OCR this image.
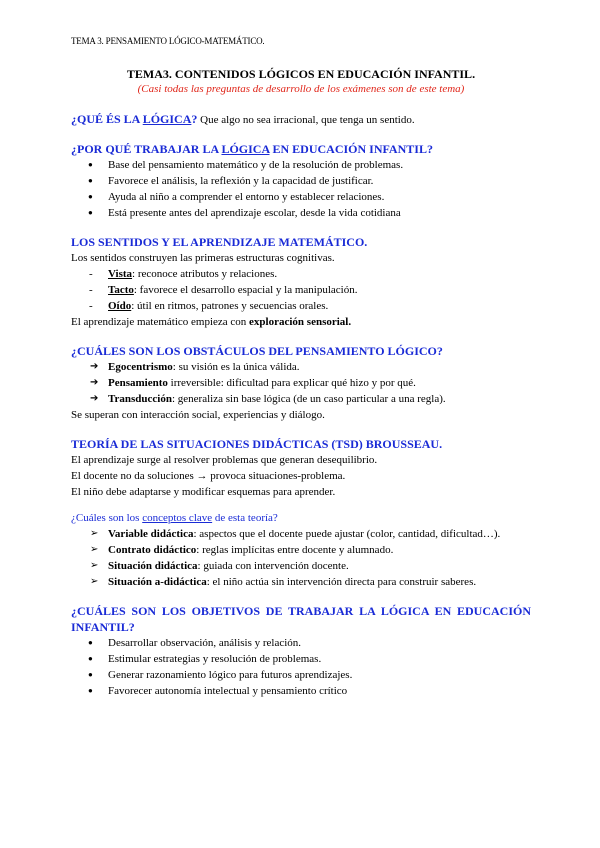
TEMA 3. PENSAMIENTO LÓGICO-MATEMÁTICO.

TEMA3. CONTENIDOS LÓGICOS EN EDUCACIÓN INFANTIL.

(Casi todas las preguntas de desarrollo de los exámenes son de este tema)
¿QUÉ ÉS LA LÓGICA? Que algo no sea irracional, que tenga un sentido.

¿POR QUÉ TRABAJAR LA LÓGICA EN EDUCACIÓN INFANTIL?

● Base del pensamiento matemático y de la resolución de problemas.
● Favorece el análisis, la reflexión y la capacidad de justificar.
● Ayuda al niño a comprender el entorno y establecer relaciones.
● Está presente antes del aprendizaje escolar, desde la vida cotidiana

LOS SENTIDOS Y EL APRENDIZAJE MATEMÁTICO.

Los sentidos construyen las primeras estructuras cognitivas.

- Vista: reconoce atributos y relaciones.
- Tacto: favorece el desarrollo espacial y la manipulación.
- Oído: útil en ritmos, patrones y secuencias orales.

El aprendizaje matemático empieza con exploración sensorial.

¿CUÁLES SON LOS OBSTÁCULOS DEL PENSAMIENTO LÓGICO?

➔ Egocentrismo: su visión es la única válida.
➔ Pensamiento irreversible: dificultad para explicar qué hizo y por qué.
➔ Transducción: generaliza sin base lógica (de un caso particular a una regla).

Se superan con interacción social, experiencias y diálogo.

TEORÍA DE LAS SITUACIONES DIDÁCTICAS (TSD) BROUSSEAU.

El aprendizaje surge al resolver problemas que generan desequilibrio.

El docente no da soluciones → provoca situaciones-problema.

El niño debe adaptarse y modificar esquemas para aprender.

¿Cuáles son los conceptos clave de esta teoría?
➢ Variable didáctica: aspectos que el docente puede ajustar (color, cantidad, dificultad…).
➢ Contrato didáctico: reglas implícitas entre docente y alumnado.
➢ Situación didáctica: guiada con intervención docente.
➢ Situación a-didáctica: el niño actúa sin intervención directa para construir saberes.

¿CUÁLES SON LOS OBJETIVOS DE TRABAJAR LA LÓGICA EN EDUCACIÓN INFANTIL?

● Desarrollar observación, análisis y relación.
● Estimular estrategias y resolución de problemas.
● Generar razonamiento lógico para futuros aprendizajes.
● Favorecer autonomía intelectual y pensamiento crítico
